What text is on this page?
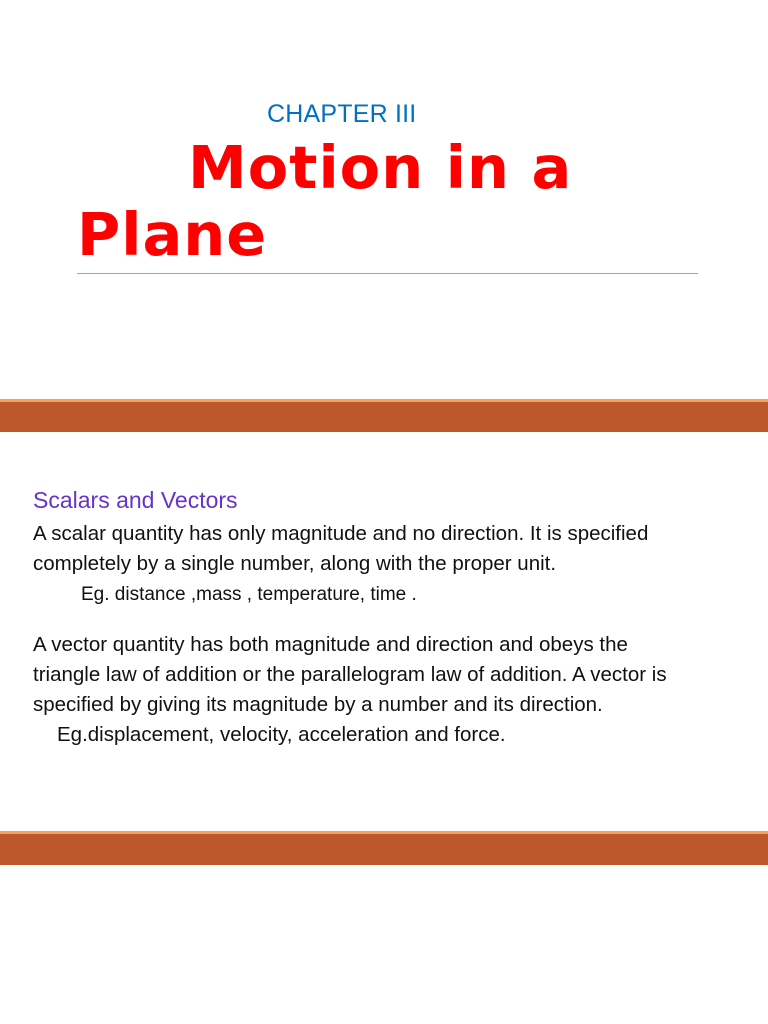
CHAPTER III
Motion in a
Plane
Scalars and Vectors
A scalar quantity has only magnitude and no direction. It is specified
completely by a single number, along with the proper unit.
Eg. distance ,mass , temperature, time .
A vector quantity has both magnitude and direction and obeys the
triangle law of addition or the parallelogram law of addition. A vector is
specified by giving its magnitude by a number and its direction.
Eg.displacement, velocity, acceleration and force.
